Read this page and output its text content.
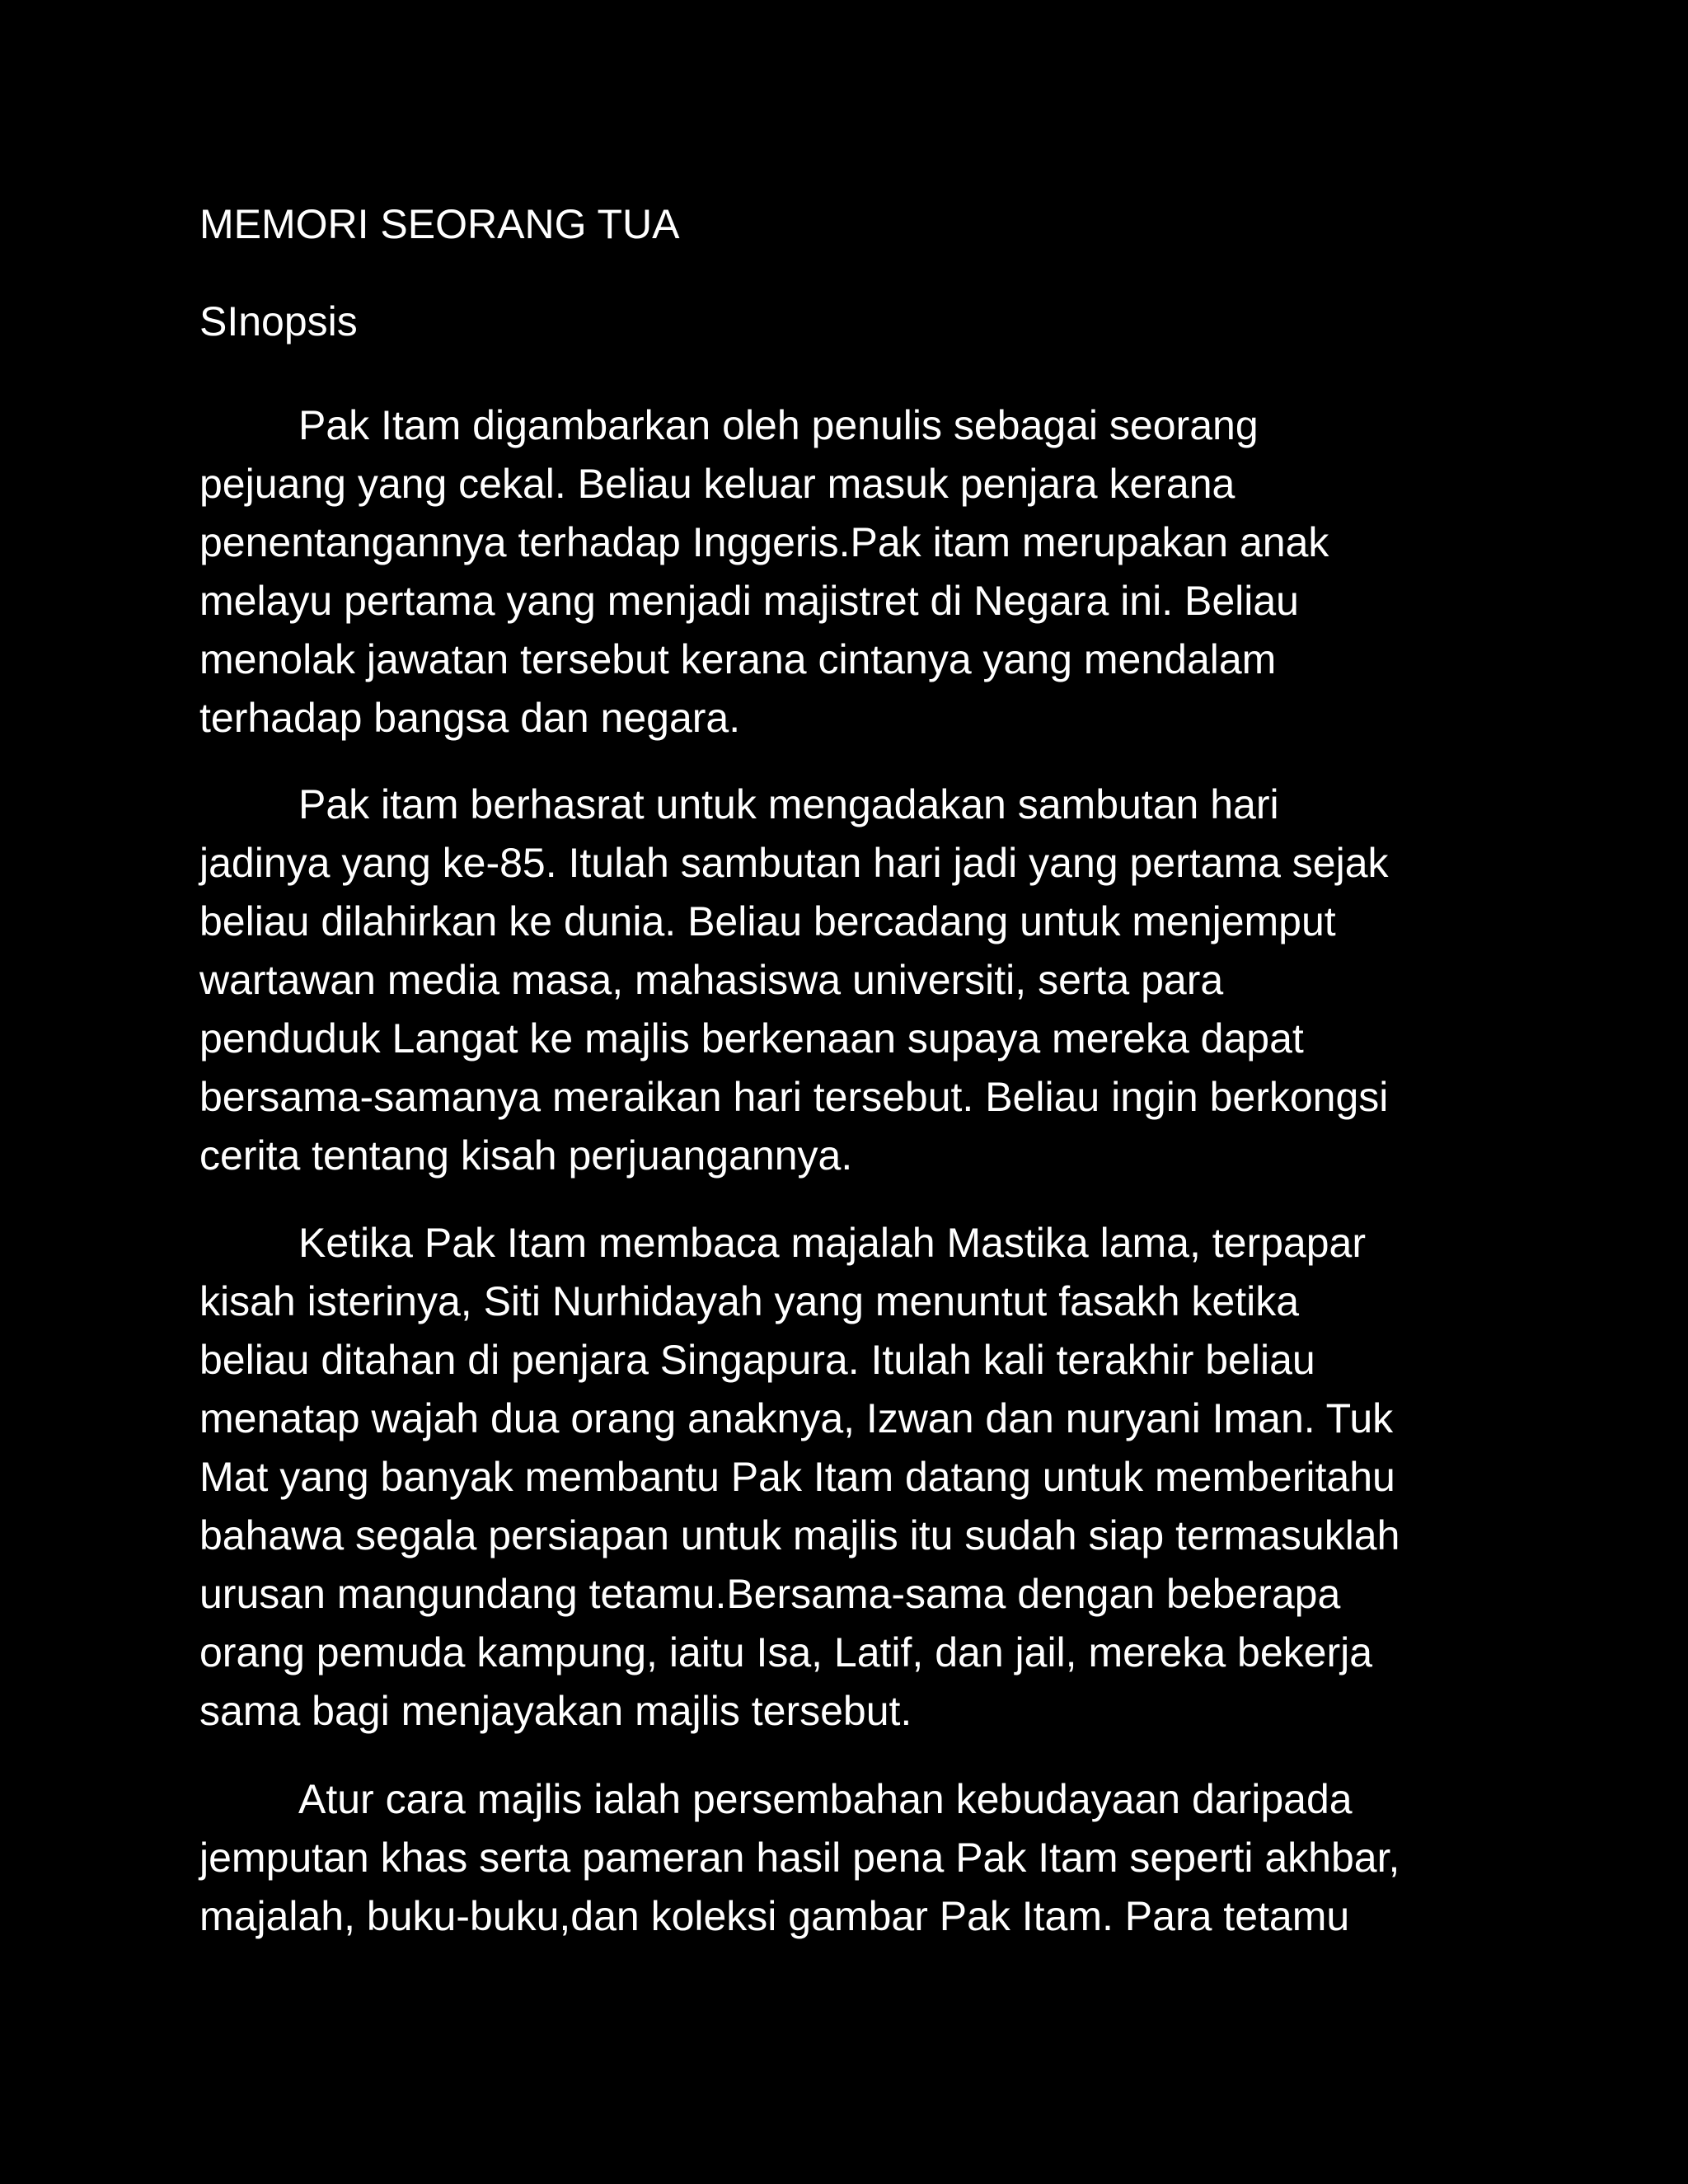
MEMORI SEORANG TUA
SInopsis

Pak Itam digambarkan oleh penulis sebagai seorang
pejuang yang cekal. Beliau keluar masuk penjara kerana
penentangannya terhadap Inggeris.Pak itam merupakan anak
melayu pertama yang menjadi majistret di Negara ini. Beliau
menolak jawatan tersebut kerana cintanya yang mendalam
terhadap bangsa dan negara.

Pak itam berhasrat untuk mengadakan sambutan hari
jadinya yang ke-85. Itulah sambutan hari jadi yang pertama sejak
beliau dilahirkan ke dunia. Beliau bercadang untuk menjemput
wartawan media masa, mahasiswa universiti, serta para
penduduk Langat ke majlis berkenaan supaya mereka dapat
bersama-samanya meraikan hari tersebut. Beliau ingin berkongsi
cerita tentang kisah perjuangannya.

Ketika Pak Itam membaca majalah Mastika lama, terpapar
kisah isterinya, Siti Nurhidayah yang menuntut fasakh ketika
beliau ditahan di penjara Singapura. Itulah kali terakhir beliau
menatap wajah dua orang anaknya, Izwan dan nuryani Iman. Tuk
Mat yang banyak membantu Pak Itam datang untuk memberitahu
bahawa segala persiapan untuk majlis itu sudah siap termasuklah
urusan mangundang tetamu.Bersama-sama dengan beberapa
orang pemuda kampung, iaitu Isa, Latif, dan jail, mereka bekerja
sama bagi menjayakan majlis tersebut.

Atur cara majlis ialah persembahan kebudayaan daripada
jemputan khas serta pameran hasil pena Pak Itam seperti akhbar,
majalah, buku-buku,dan koleksi gambar Pak Itam. Para tetamu
